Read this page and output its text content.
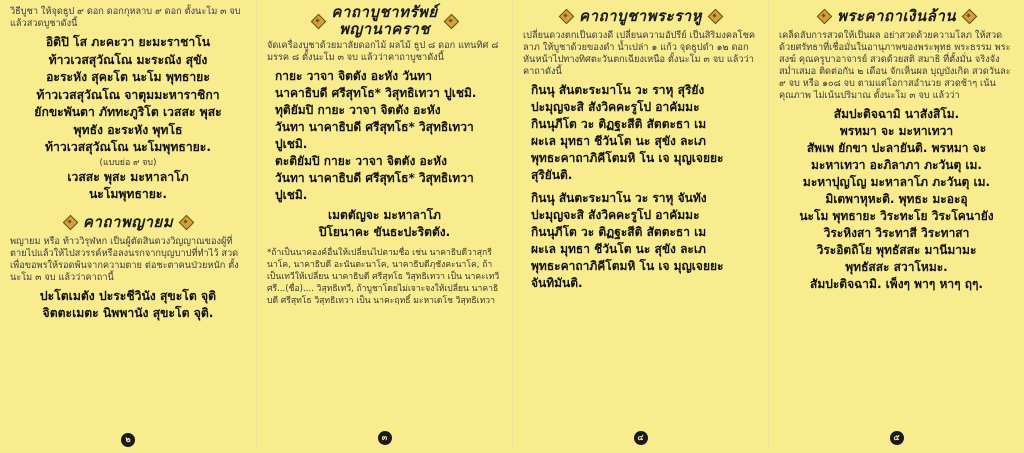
วิธีบูชา ให้จุดธูป ๙ ดอก ดอกกุหลาบ ๙ ดอก ตั้งนะโม ๓ จบ แล้วสวดบูชาดังนี้
อิติปิ โส ภะคะวา ยะมะราชาโน
ท้าวเวสสุวัณโณ มะระณัง สุขัง
อะระหัง สุคะโต นะโม พุทธายะ
ท้าวเวสสุวัณโณ จาตุมมะหาราชิกา
ยักขะพันตา ภัททะภูริโต เวสสะ พุสะ
พุทธัง อะระหัง พุทโธ
ท้าวเวสสุวัณโณ นะโมพุทธายะ.
(แบบย่อ ๙ จบ)
เวสสะ พุสะ มะหาลาโภ
นะโมพุทธายะ.
คาถาพญายม
พญายม หรือ ท้าววิรุฬหก เป็นผู้ตัดสินดวงวิญญาณของผู้ที่ตายไปแล้วให้ไปสวรรค์หรือลงนรกจากบุญบาปที่ทำไว้ สวดเพื่อขอพรให้รอดพ้นจากความตาย ต่อชะตาคนป่วยหนัก ตั้งนะโม ๓ จบ แล้วว่าคาถานี้
ปะโตเมตัง ปะระชีวินัง สุขะโต จุติ
จิตตะเมตะ นิพพานัง สุขะโต จุติ.
๒
คาถาบูชาทรัพย์
พญานาคราช
จัดเครื่องบูชาด้วยมาลัยดอกไม้ ผลไม้ ธูป ๘ ดอก แทนทิศ ๘ มรรค ๘ ตั้งนะโม ๓ จบ แล้วว่าคาถาบูชาดังนี้
กายะ วาจา จิตตัง อะหัง วันทา
นาคาธิบดี ศรีสุทโธ* วิสุทธิเทวา ปูเชมิ.
ทุติยัมปิ กายะ วาจา จิตตัง อะหัง
วันทา นาคาธิบดี ศรีสุทโธ* วิสุทธิเทวา
ปูเชมิ.
ตะติยัมปิ กายะ วาจา จิตตัง อะหัง
วันทา นาคาธิบดี ศรีสุทโธ* วิสุทธิเทวา
ปูเชมิ.
เมตตัญจะ มะหาลาโภ
ปิโยนาคะ ขันธะปะริตตัง.
*ถ้าเป็นนาคองค์อื่นให้เปลี่ยนไปตามชื่อ เช่น นาคาธิบดีวาสุกรีนาโค, นาคาธิบดี อะนันตะนาโค, นาคาธิบดีภุชังคะนาโค, ถ้าเป็นเทวีให้เปลี่ยน นาคาธิบดี ศรีสุทโธ วิสุทธิเทวา เป็น นาคะเทวี ศรี...(ชื่อ).... วิสุทธิเทวี, ถ้าบูชาโดยไม่เจาะจงให้เปลี่ยน นาคาธิบดี ศรีสุทโธ วิสุทธิเทวา เป็น นาคะฤทธิ์ มะหาเดโช วิสุทธิเทวา
๓
คาถาบูชาพระราหู
เปลี่ยนดวงตกเป็นดวงดี เปลี่ยนความอัปรีย์ เป็นสิริมงคลโชคลาภ ให้บูชาด้วยของดำ น้ำเปล่า ๑ แก้ว จุดธูปดำ ๑๒ ดอก หันหน้าไปทางทิศตะวันตกเฉียงเหนือ ตั้งนะโม ๓ จบ แล้วว่าคาถาดังนี้
กินนุ สันตะระมาโน วะ ราหุ สุริยัง
ปะมุญจะสิ สังวิคคะรูโป อาคัมมะ
กินนุภีโต วะ ติฏฐะสีติ สัตตะธา เม
ผะเล มุทธา ชีวันโต นะ สุขัง ละเภ
พุทธะคาถาภิคีโตมหิ โน เจ มุญเจยยะ
สุริยันติ.
กินนุ สันตะระมาโน วะ ราหุ จันทัง
ปะมุญจะสิ สังวิคคะรูโป อาคัมมะ
กินนุภีโต วะ ติฏฐะสีติ สัตตะธา เม
ผะเล มุทธา ชีวันโต นะ สุขัง ละเภ
พุทธะคาถาภิคีโตมหิ โน เจ มุญเจยยะ
จันทิมันติ.
๔
พระคาถาเงินล้าน
เคล็ดลับการสวดให้เป็นผล อย่าสวดด้วยความโลภ ให้สวดด้วยศรัทธาที่เชื่อมั่นในอานุภาพของพระพุทธ พระธรรม พระสงฆ์ คุณครูบาอาจารย์ สวดด้วยสติ สมาธิ ที่ตั้งมั่น จริงจัง สม่ำเสมอ ติดต่อกัน ๒ เดือน จักเห็นผล บุญบังเกิด สวดวันละ ๙ จบ หรือ ๑๐๘ จบ ตามแต่โอกาสอำนวย สวดช้าๆ เน้นคุณภาพ ไม่เน้นปริมาณ ตั้งนะโม ๓ จบ แล้วว่า
สัมปะติจฉามิ นาสังสิโม.
พรหมา จะ มะหาเทวา
สัพเพ ยักขา ปะลายันติ. พรหมา จะ
มะหาเทวา อะภิลาภา ภะวันตุ เม.
มะหาปุญโญ มะหาลาโภ ภะวันตุ เม.
มิเตพาหุหะติ. พุทธะ มะอะอุ
นะโม พุทธายะ วิระทะโย วิระโคนายัง
วิระหิงสา วิระทาสี วิระทาสา
วิระอิตถิโย พุทธัสสะ มานีมามะ
พุทธัสสะ สวาโหมะ.
สัมปะติจฉามิ. เพ็งๆ พาๆ หาๆ ฤๆ.
๕
